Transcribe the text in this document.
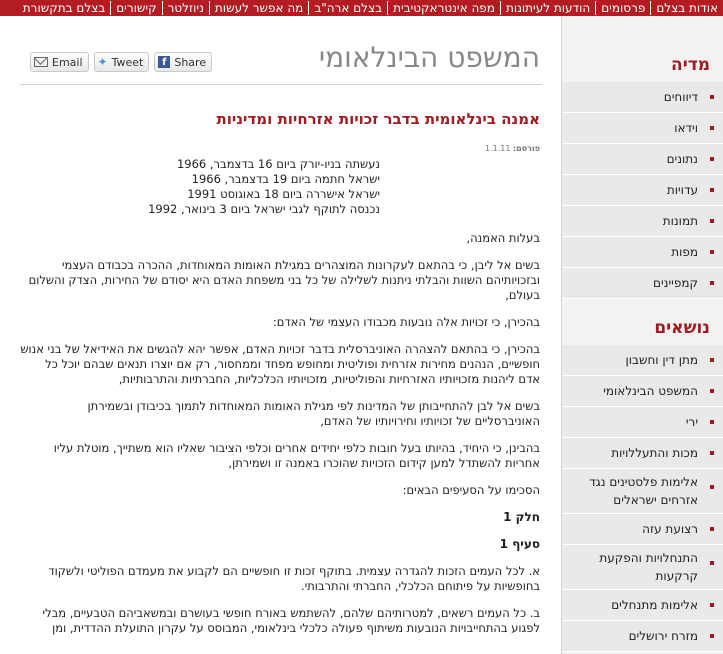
אודות בצלם
פרסומים
הודעות לעיתונות
מפה אינטראקטיבית
בצלם ארה"ב
מה אפשר לעשות
ניוזלטר
קישורים
בצלם בתקשורת
מדיה
דיווחים
וידאו
נתונים
עדויות
תמונות
מפות
קמפיינים
נושאים
מתן דין וחשבון
המשפט הבינלאומי
ירי
מכות והתעללויות
אלימות פלסטינים נגד אזרחים ישראלים
רצועת עזה
התנחלויות והפקעת קרקעות
אלימות מתנחלים
מזרח ירושלים
המשפט הבינלאומי
Email ✦ Tweet	f Share
אמנה בינלאומית בדבר זכויות אזרחיות ומדיניות
פורסם: 1.1.11
נעשתה בניו-יורק ביום 16 בדצמבר, 1966
ישראל חתמה ביום 19 בדצמבר, 1966
ישראל אישררה ביום 18 באוגוסט 1991
נכנסה לתוקף לגבי ישראל ביום 3 בינואר, 1992

בעלות האמנה,

בשים אל ליבן, כי בהתאם לעקרונות המוצהרים במגילת האומות המאוחדות, ההכרה בכבודם העצמי ובזכויותיהם השוות והבלתי ניתנות לשלילה של כל בני משפחת האדם היא יסודם של החירות, הצדק והשלום בעולם,

בהכירן, כי זכויות אלה נובעות מכבודו העצמי של האדם:

בהכירן, כי בהתאם להצהרה האוניברסלית בדבר זכויות האדם, אפשר יהא להגשים את האידיאל של בני אנוש חופשיים, הנהנים מחירות אזרחית ופוליטית ומחופש מפחד וממחסור, רק אם יוצרו תנאים שבהם יוכל כל אדם ליהנות מזכויותיו האזרחיות והפוליטיות, מזכויותיו הכלכליות, החברתיות והתרבותיות,

בשים אל לבן להתחייבותן של המדינות לפי מגילת האומות המאוחדות לתמוך בכיבודן ובשמירתן האוניברסליים של זכויותיו וחירויותיו של האדם,

בהבינן, כי היחיד, בהיותו בעל חובות כלפי יחידים אחרים וכלפי הציבור שאליו הוא משתייך, מוטלת עליו אחריות להשתדל למען קידום הזכויות שהוכרו באמנה זו ושמירתן,

הסכימו על הסעיפים הבאים:

חלק 1
סעיף 1

א. לכל העמים הזכות להגדרה עצמית. בתוקף זכות זו חופשיים הם לקבוע את מעמדם הפוליטי ולשקוד בחופשיות על פיתוחם הכלכלי, החברתי והתרבותי.

ב. כל העמים רשאים, למטרותיהם שלהם, להשתמש באורח חופשי בעושרם ובמשאביהם הטבעיים, מבלי לפגוע בהתחייבויות הנובעות משיתוף פעולה כלכלי בינלאומי, המבוסס על עקרון התועלת ההדדית, ומן
